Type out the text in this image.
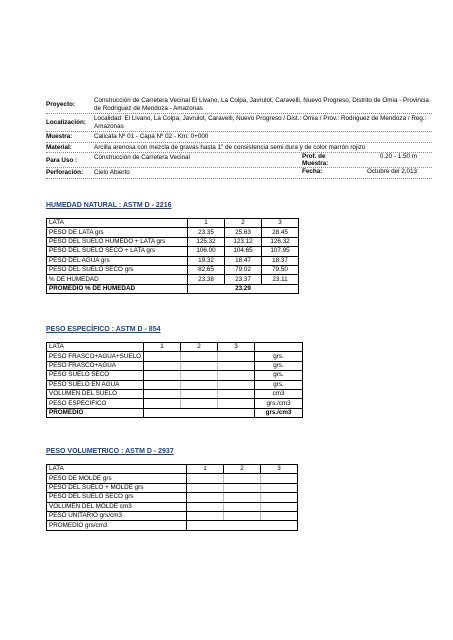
Proyecto:
Construcción de Carretera Vecinal El Livano, La Colpa, Javrulot, Caravelli, Nuevo Progreso, Distrito de Omia - Provincia de Rodriguez de Mendoza - Amazonas
Localización:
Localidad: El Livano, La Colpa, Javrulot, Caravelli, Nuevo Progreso / Dist.: Omia / Prov.: Rodriguez de Mendoza / Reg.: Amazonas
Muestra:	Calicata Nº 01 - Capa Nº 02 - Km: 0+000
Material:	Arcilla arenosa con mezcla de gravas hasta 1" de consistencia semi dura y de color marrón rojizo
Para Uso :	Construcción de Carretera Vecinal	Prof. de Muestra:
0.20 - 1.50 m
Perforación:	Cielo Abierto	Fecha:	Octubre del 2,013
HUMEDAD NATURAL : ASTM D - 2216
LATA	1	2	3
PESO DE LATA grs	23.35	25.63	28.45
PESO DEL SUELO HUMEDO + LATA grs	125.32	123.12	126.32
PESO DEL SUELO SECO + LATA grs	106.00	104.65	107.95
PESO DEL AGUA grs	19.32	18.47	18.37
PESO DEL SUELO SECO grs	82.65	79.02	79.50
% DE HUMEDAD	23.38	23.37	23.11
PROMEDIO % DE HUMEDAD	23.29		
PESO ESPECÍFICO : ASTM D - 854
LATA	1	2	3	
PESO FRASCO+AGUA+SUELO				grs.
PESO FRASCO+AGUA				grs.
PESO SUELO SECO				grs.
PESO SUELO EN AGUA				grs.
VOLUMEN DEL SUELO				cm3
PESO ESPECIFICO				grs./cm3
PROMEDIO				grs./cm3
PESO VOLUMETRICO : ASTM D - 2937
LATA	1	2	3
PESO DE MOLDE grs			
PESO DEL SUELO + MOLDE grs			
PESO DEL SUELO SECO grs			
VOLUMEN DEL MOLDE cm3			
PESO UNITARIO grs/cm3			
PROMEDIO grs/cm3			
